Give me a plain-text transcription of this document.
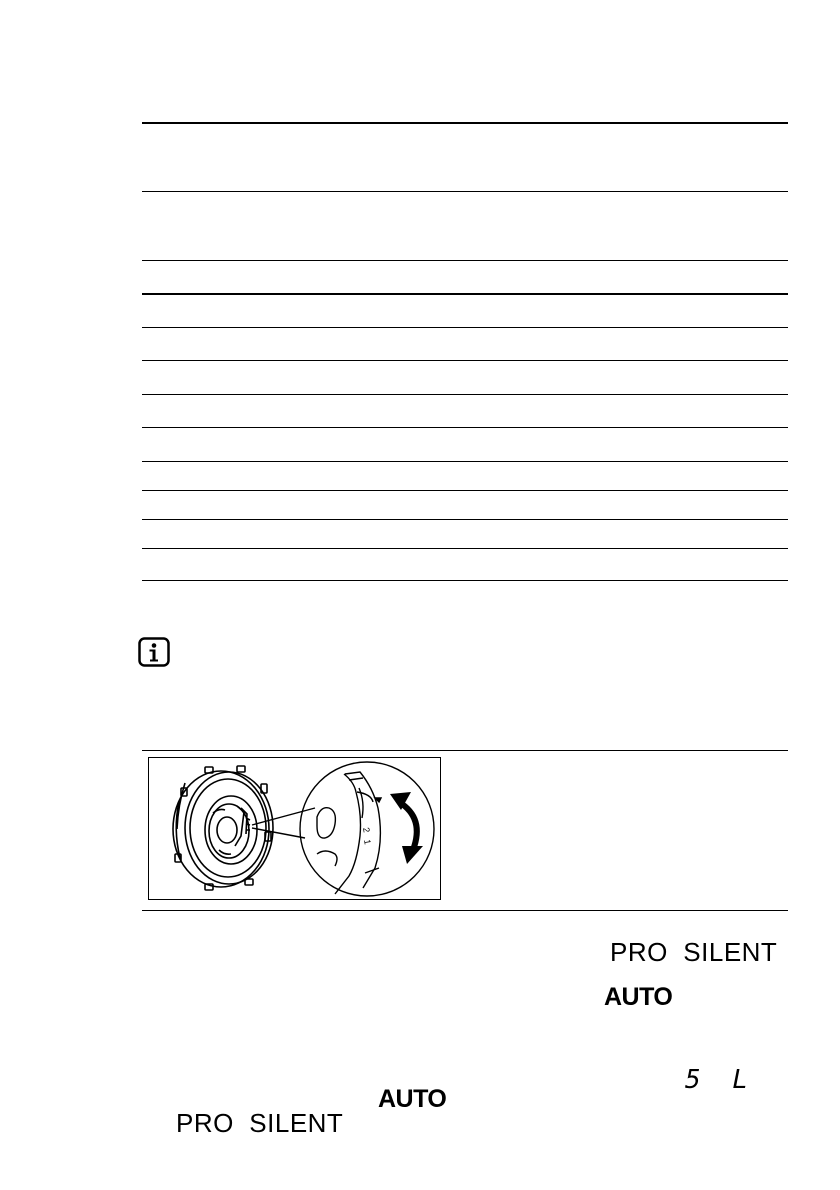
2
1
PRO  SILENT
AUTO
5 L
AUTO
PRO  SILENT
